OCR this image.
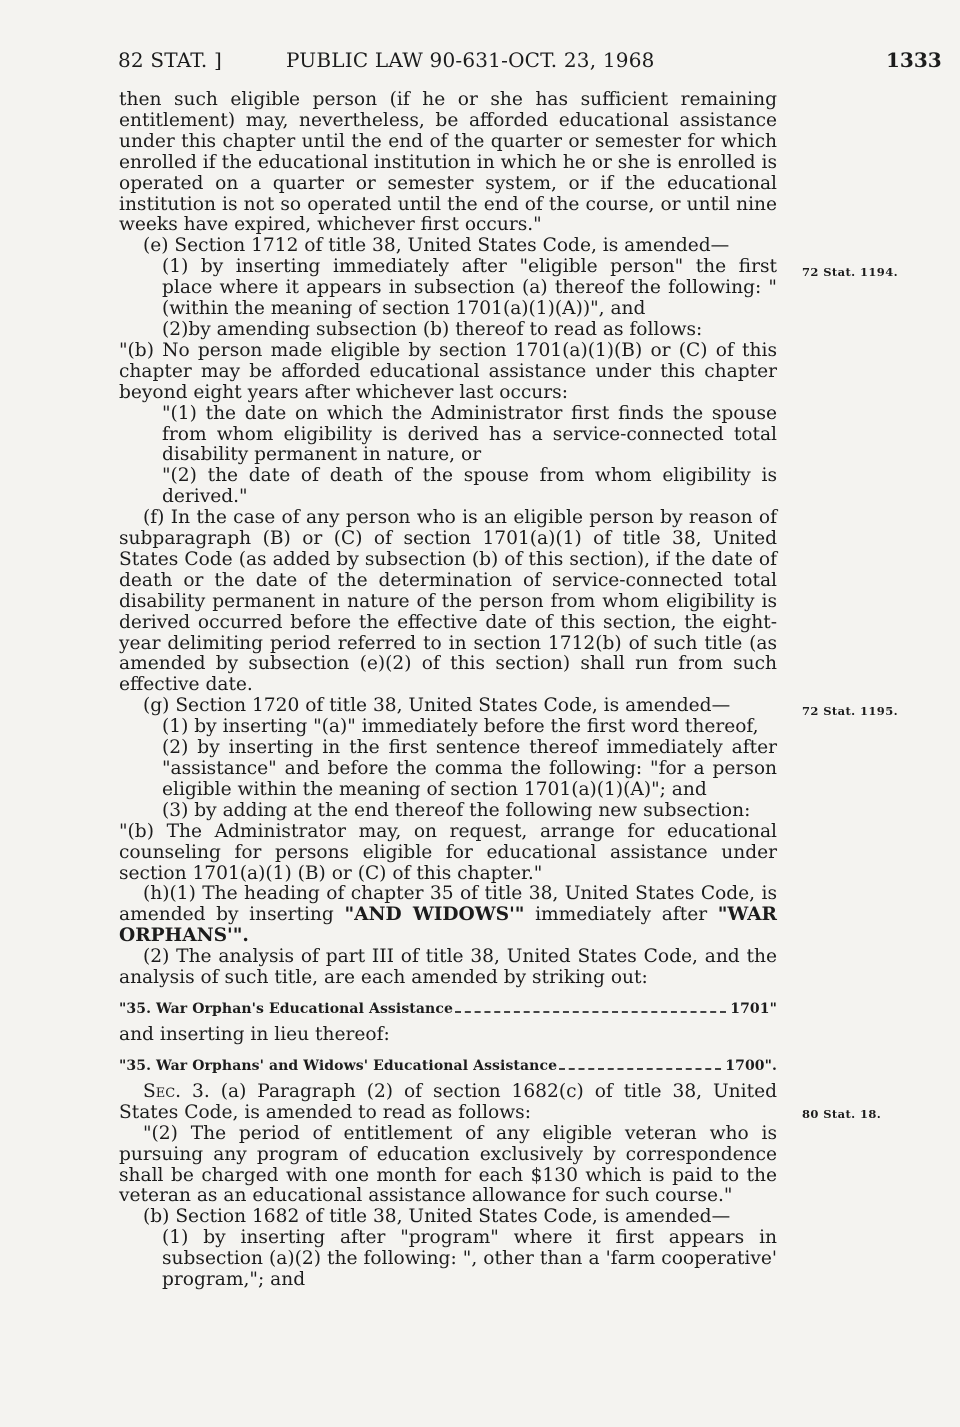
82 STAT. ]	PUBLIC LAW 90-631-OCT. 23, 1968	1333
72 Stat. 1194.
72 Stat. 1195.
80 Stat. 18.

then such eligible person (if he or she has sufficient remaining entitlement) may, nevertheless, be afforded educational assistance under this chapter until the end of the quarter or semester for which enrolled if the educational institution in which he or she is enrolled is operated on a quarter or semester system, or if the educational institution is not so operated until the end of the course, or until nine weeks have expired, whichever first occurs."

(e) Section 1712 of title 38, United States Code, is amended—

(1) by inserting immediately after "eligible person" the first place where it appears in subsection (a) thereof the following: "(within the meaning of section 1701(a)(1)(A))", and

(2)by amending subsection (b) thereof to read as follows:

"(b) No person made eligible by section 1701(a)(1)(B) or (C) of this chapter may be afforded educational assistance under this chapter beyond eight years after whichever last occurs:

"(1) the date on which the Administrator first finds the spouse from whom eligibility is derived has a service-connected total disability permanent in nature, or

"(2) the date of death of the spouse from whom eligibility is derived."

(f) In the case of any person who is an eligible person by reason of subparagraph (B) or (C) of section 1701(a)(1) of title 38, United States Code (as added by subsection (b) of this section), if the date of death or the date of the determination of service-connected total disability permanent in nature of the person from whom eligibility is derived occurred before the effective date of this section, the eight-year delimiting period referred to in section 1712(b) of such title (as amended by subsection (e)(2) of this section) shall run from such effective date.

(g) Section 1720 of title 38, United States Code, is amended—

(1) by inserting "(a)" immediately before the first word thereof,

(2) by inserting in the first sentence thereof immediately after "assistance" and before the comma the following: "for a person eligible within the meaning of section 1701(a)(1)(A)"; and

(3) by adding at the end thereof the following new subsection:

"(b) The Administrator may, on request, arrange for educational counseling for persons eligible for educational assistance under section 1701(a)(1) (B) or (C) of this chapter."

(h)(1) The heading of chapter 35 of title 38, United States Code, is amended by inserting "AND WIDOWS'" immediately after "WAR ORPHANS'".

(2) The analysis of part III of title 38, United States Code, and the analysis of such title, are each amended by striking out:

"35. War Orphan's Educational Assistance	1701"

and inserting in lieu thereof:

"35. War Orphans' and Widows' Educational Assistance	1700".

Sec. 3. (a) Paragraph (2) of section 1682(c) of title 38, United States Code, is amended to read as follows:

"(2) The period of entitlement of any eligible veteran who is pursuing any program of education exclusively by correspondence shall be charged with one month for each $130 which is paid to the veteran as an educational assistance allowance for such course."

(b) Section 1682 of title 38, United States Code, is amended—

(1) by inserting after "program" where it first appears in subsection (a)(2) the following: ", other than a 'farm cooperative' program,"; and
